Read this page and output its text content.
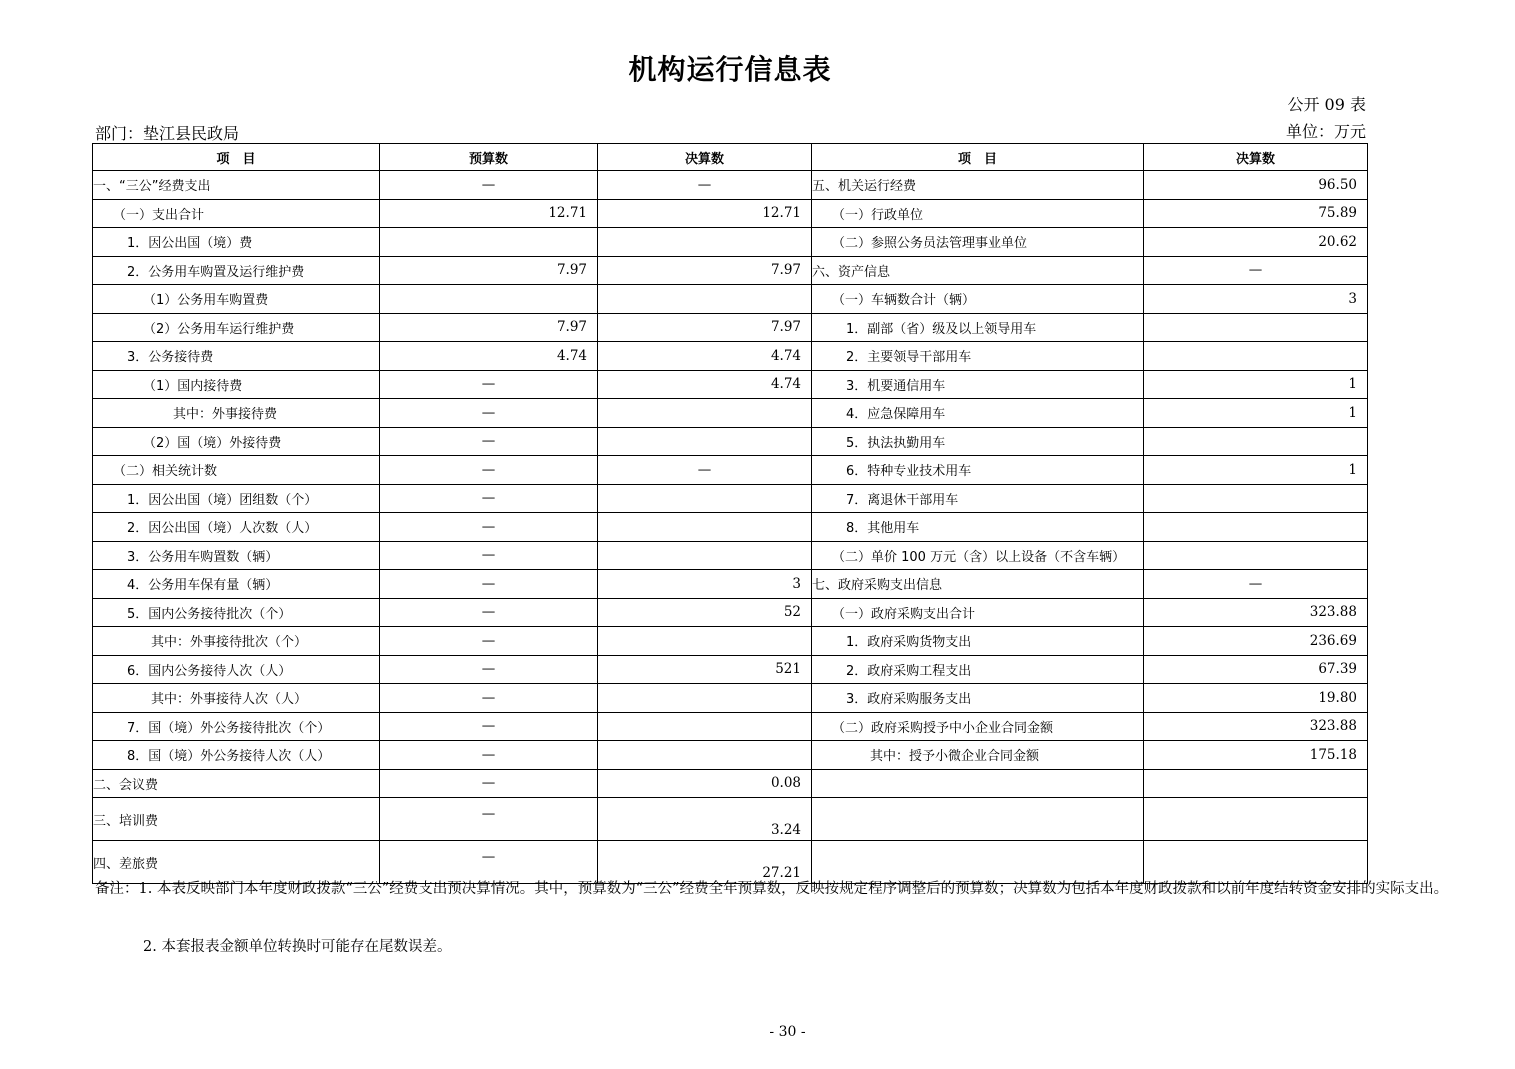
机构运行信息表
公开 09 表
部门：垫江县民政局	单位：万元
项　目	预算数	决算数	项　目	决算数
一、“三公”经费支出	—	—	五、机关运行经费	96.50
（一）支出合计	12.71	12.71	（一）行政单位	75.89
1．因公出国（境）费			（二）参照公务员法管理事业单位	20.62
2．公务用车购置及运行维护费	7.97	7.97	六、资产信息	—
（1）公务用车购置费			（一）车辆数合计（辆）	3
（2）公务用车运行维护费	7.97	7.97	1．副部（省）级及以上领导用车	
3．公务接待费	4.74	4.74	2．主要领导干部用车	
（1）国内接待费	—	4.74	3．机要通信用车	1
其中：外事接待费	—		4．应急保障用车	1
（2）国（境）外接待费	—		5．执法执勤用车	
（二）相关统计数	—	—	6．特种专业技术用车	1
1．因公出国（境）团组数（个）	—		7．离退休干部用车	
2．因公出国（境）人次数（人）	—		8．其他用车	
3．公务用车购置数（辆）	—		（二）单价 100 万元（含）以上设备（不含车辆）	
4．公务用车保有量（辆）	—	3	七、政府采购支出信息	—
5．国内公务接待批次（个）	—	52	（一）政府采购支出合计	323.88
其中：外事接待批次（个）	—		1．政府采购货物支出	236.69
6．国内公务接待人次（人）	—	521	2．政府采购工程支出	67.39
其中：外事接待人次（人）	—		3．政府采购服务支出	19.80
7．国（境）外公务接待批次（个）	—		（二）政府采购授予中小企业合同金额	323.88
8．国（境）外公务接待人次（人）	—		其中：授予小微企业合同金额	175.18
二、会议费	—	0.08		
三、培训费	—	3.24		
四、差旅费	—	27.21		
备注：1. 本表反映部门本年度财政拨款“三公”经费支出预决算情况。其中，预算数为“三公”经费全年预算数，反映按规定程序调整后的预算数；决算数为包括本年度财政拨款和以前年度结转资金安排的实际支出。
2. 本套报表金额单位转换时可能存在尾数误差。
- 30 -
